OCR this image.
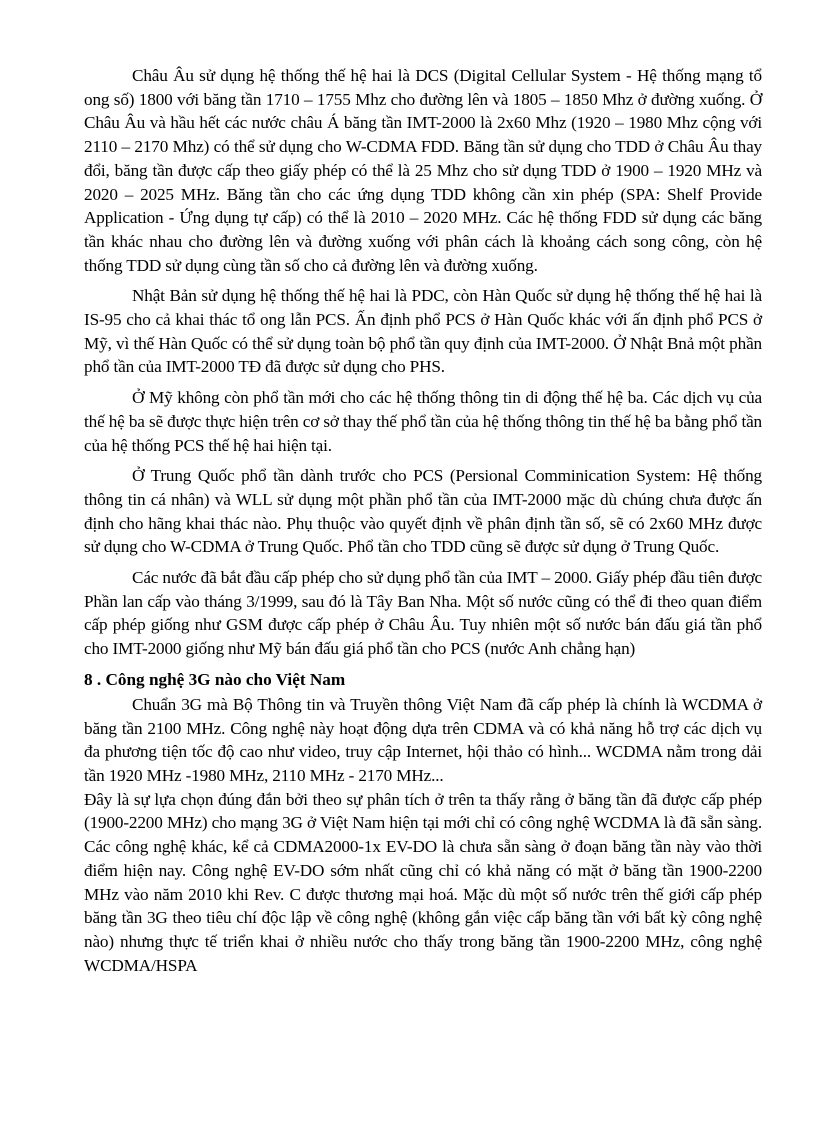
Châu Âu sử dụng hệ thống thế hệ hai là DCS (Digital Cellular System - Hệ thống mạng tổ ong số) 1800 với băng tần 1710 – 1755 Mhz cho đường lên và 1805 – 1850 Mhz ở đường xuống. Ở Châu Âu và hầu hết các nước châu Á băng tần IMT-2000 là 2x60 Mhz (1920 – 1980 Mhz cộng với 2110 – 2170 Mhz) có thể sử dụng cho W-CDMA FDD. Băng tần sử dụng cho TDD ở Châu Âu thay đổi, băng tần được cấp theo giấy phép có thể là 25 Mhz cho sử dụng TDD ở 1900 – 1920 MHz và 2020 – 2025 MHz. Băng tần cho các ứng dụng TDD không cần xin phép (SPA: Shelf Provide Application - Ứng dụng tự cấp) có thể là 2010 – 2020 MHz. Các hệ thống FDD sử dụng các băng tần khác nhau cho đường lên và đường xuống với phân cách là khoảng cách song công, còn hệ thống TDD sử dụng cùng tần số cho cả đường lên và đường xuống.

Nhật Bản sử dụng hệ thống thế hệ hai là PDC, còn Hàn Quốc sử dụng hệ thống thế hệ hai là IS-95 cho cả khai thác tổ ong lẫn PCS. Ấn định phổ PCS ở Hàn Quốc khác với ấn định phổ PCS ở Mỹ, vì thế Hàn Quốc có thể sử dụng toàn bộ phổ tần quy định của IMT-2000. Ở Nhật Bnả một phần phổ tần của IMT-2000 TĐ đã được sử dụng cho PHS.

Ở Mỹ không còn phổ tần mới cho các hệ thống thông tin di động thế hệ ba. Các dịch vụ của thế hệ ba sẽ được thực hiện trên cơ sở thay thế phổ tần của hệ thống thông tin thế hệ ba bằng phổ tần của hệ thống PCS thế hệ hai hiện tại.

Ở Trung Quốc phổ tần dành trước cho PCS (Persional Comminication System: Hệ thống thông tin cá nhân) và WLL sử dụng một phần phổ tần của IMT-2000 mặc dù chúng chưa được ấn định cho hãng khai thác nào. Phụ thuộc vào quyết định về phân định tần số, sẽ có 2x60 MHz được sử dụng cho W-CDMA ở Trung Quốc. Phổ tần cho TDD cũng sẽ được sử dụng ở Trung Quốc.

Các nước đã bắt đầu cấp phép cho sử dụng phổ tần của IMT – 2000. Giấy phép đầu tiên được Phần lan cấp vào tháng 3/1999, sau đó là Tây Ban Nha. Một số nước cũng có thể đi theo quan điểm cấp phép giống như GSM được cấp phép ở Châu Âu. Tuy nhiên một số nước bán đấu giá tần phổ cho IMT-2000 giống như Mỹ bán đấu giá phổ tần cho PCS (nước Anh chẳng hạn)

8 . Công nghệ 3G nào cho Việt Nam

Chuẩn 3G mà Bộ Thông tin và Truyền thông Việt Nam đã cấp phép là chính là WCDMA ở băng tần 2100 MHz. Công nghệ này hoạt động dựa trên CDMA và có khả năng hỗ trợ các dịch vụ đa phương tiện tốc độ cao như video, truy cập Internet, hội thảo có hình... WCDMA nằm trong dải tần 1920 MHz -1980 MHz, 2110 MHz - 2170 MHz...

Đây là sự lựa chọn đúng đắn bởi theo sự phân tích ở trên ta thấy rằng ở băng tần đã được cấp phép (1900-2200 MHz) cho mạng 3G ở Việt Nam hiện tại mới chỉ có công nghệ WCDMA là đã sẵn sàng. Các công nghệ khác, kể cả CDMA2000-1x EV-DO là chưa sẵn sàng ở đoạn băng tần này vào thời điểm hiện nay. Công nghệ EV-DO sớm nhất cũng chỉ có khả năng có mặt ở băng tần 1900-2200 MHz vào năm 2010 khi Rev. C được thương mại hoá. Mặc dù một số nước trên thế giới cấp phép băng tần 3G theo tiêu chí độc lập về công nghệ (không gắn việc cấp băng tần với bất kỳ công nghệ nào) nhưng thực tế triển khai ở nhiều nước cho thấy trong băng tần 1900-2200 MHz, công nghệ WCDMA/HSPA
